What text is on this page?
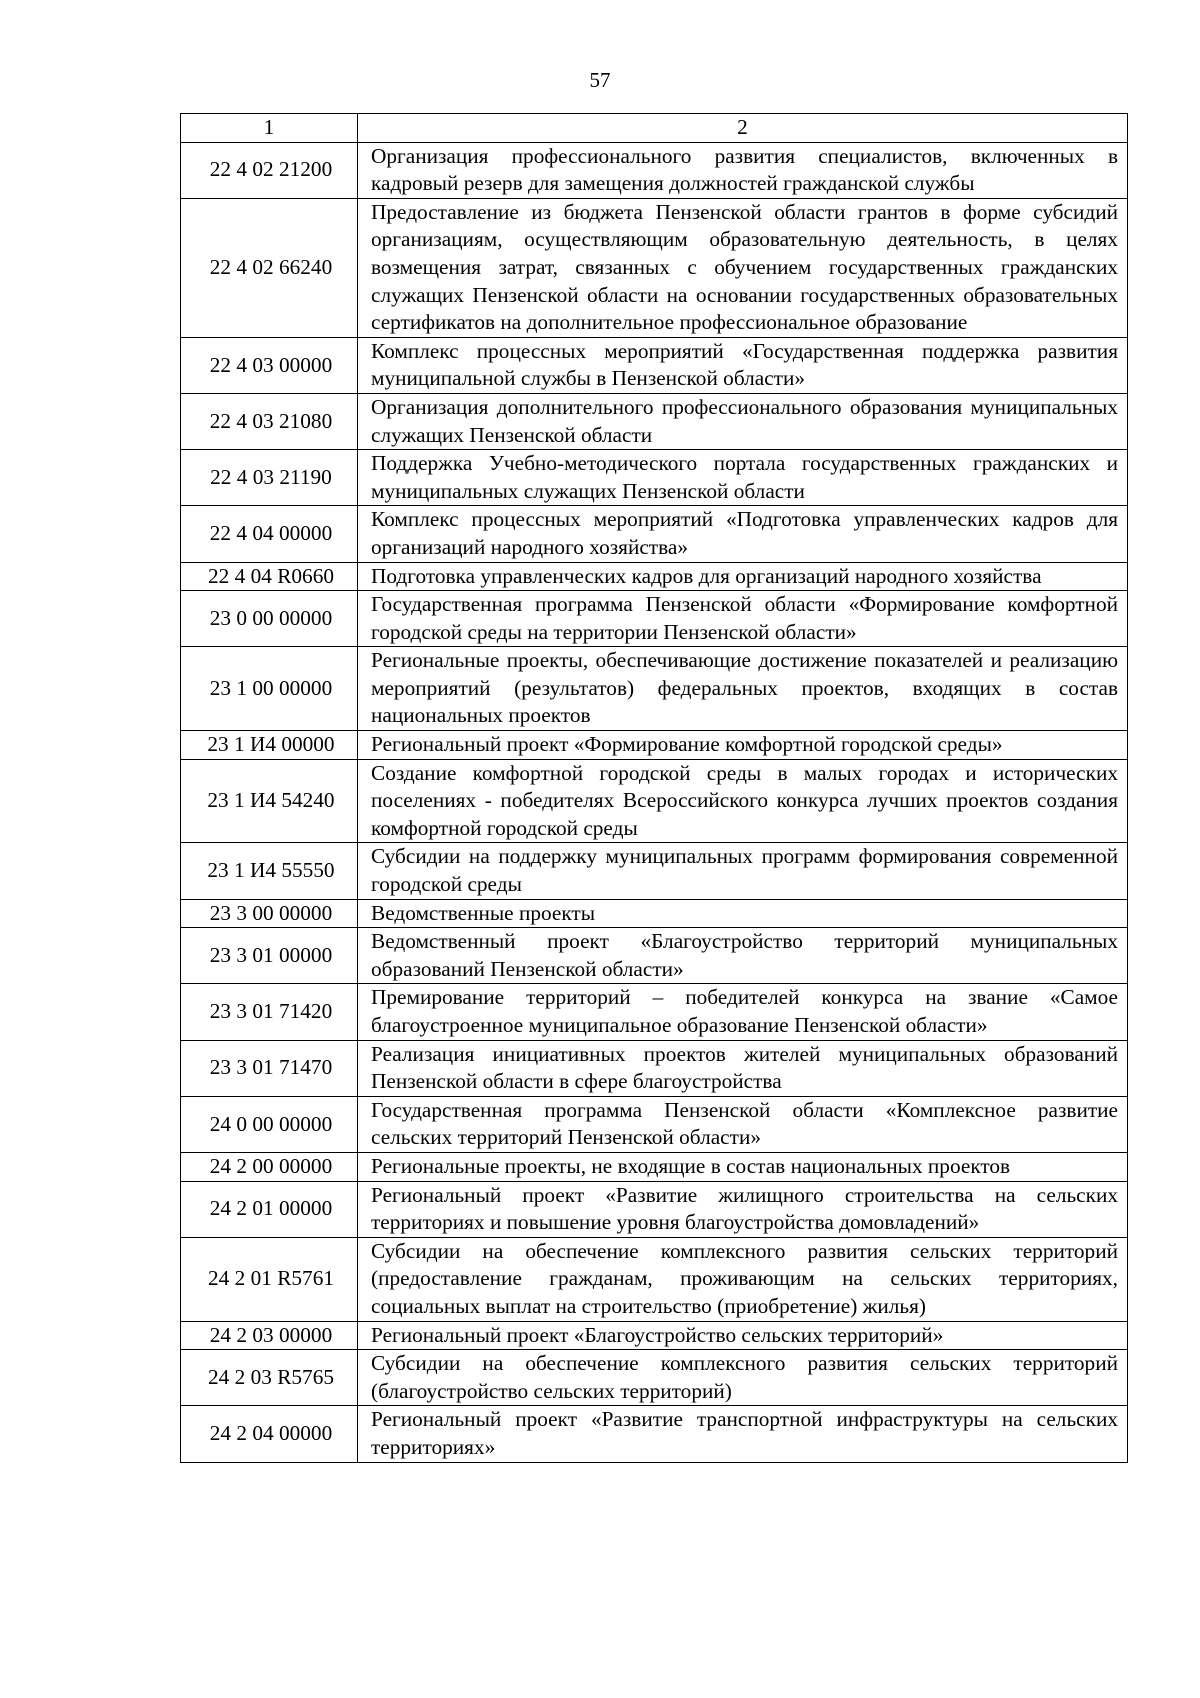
57
1	2
22 4 02 21200	Организация профессионального развития специалистов, включенных в кадровый резерв для замещения должностей гражданской службы
22 4 02 66240	Предоставление из бюджета Пензенской области грантов в форме субсидий организациям, осуществляющим образовательную деятельность, в целях возмещения затрат, связанных с обучением государственных гражданских служащих Пензенской области на основании государственных образовательных сертификатов на дополнительное профессиональное образование
22 4 03 00000	Комплекс процессных мероприятий «Государственная поддержка развития муниципальной службы в Пензенской области»
22 4 03 21080	Организация дополнительного профессионального образования муниципальных служащих Пензенской области
22 4 03 21190	Поддержка Учебно-методического портала государственных гражданских и муниципальных служащих Пензенской области
22 4 04 00000	Комплекс процессных мероприятий «Подготовка управленческих кадров для организаций народного хозяйства»
22 4 04 R0660	Подготовка управленческих кадров для организаций народного хозяйства
23 0 00 00000	Государственная программа Пензенской области «Формирование комфортной городской среды на территории Пензенской области»
23 1 00 00000	Региональные проекты, обеспечивающие достижение показателей и реализацию мероприятий (результатов) федеральных проектов, входящих в состав национальных проектов
23 1 И4 00000	Региональный проект «Формирование комфортной городской среды»
23 1 И4 54240	Создание комфортной городской среды в малых городах и исторических поселениях - победителях Всероссийского конкурса лучших проектов создания комфортной городской среды
23 1 И4 55550	Субсидии на поддержку муниципальных программ формирования современной городской среды
23 3 00 00000	Ведомственные проекты
23 3 01 00000	Ведомственный проект «Благоустройство территорий муниципальных образований Пензенской области»
23 3 01 71420	Премирование территорий – победителей конкурса на звание «Самое благоустроенное муниципальное образование Пензенской области»
23 3 01 71470	Реализация инициативных проектов жителей муниципальных образований Пензенской области в сфере благоустройства
24 0 00 00000	Государственная программа Пензенской области «Комплексное развитие сельских территорий Пензенской области»
24 2 00 00000	Региональные проекты, не входящие в состав национальных проектов
24 2 01 00000	Региональный проект «Развитие жилищного строительства на сельских территориях и повышение уровня благоустройства домовладений»
24 2 01 R5761	Субсидии на обеспечение комплексного развития сельских территорий (предоставление гражданам, проживающим на сельских территориях, социальных выплат на строительство (приобретение) жилья)
24 2 03 00000	Региональный проект «Благоустройство сельских территорий»
24 2 03 R5765	Субсидии на обеспечение комплексного развития сельских территорий (благоустройство сельских территорий)
24 2 04 00000	Региональный проект «Развитие транспортной инфраструктуры на сельских территориях»
